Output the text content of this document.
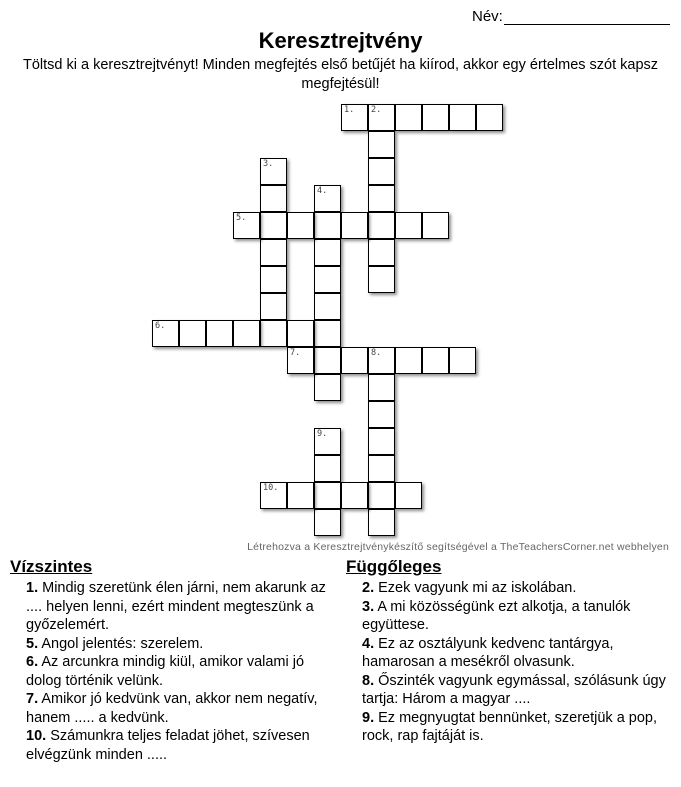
Név:
Keresztrejtvény
Töltsd ki a keresztrejtvényt! Minden megfejtés első betűjét ha kiírod, akkor egy értelmes szót kapsz megfejtésül!
1. 2.
3.
4.
5.
6.
7.	8.
9.
10.
Létrehozva a Keresztrejtvénykészítő segítségével a TheTeachersCorner.net webhelyen
Vízszintes
1. Mindig szeretünk élen járni, nem akarunk az .... helyen lenni, ezért mindent megteszünk a győzelemért.
5. Angol jelentés: szerelem.
6. Az arcunkra mindig kiül, amikor valami jó dolog történik velünk.
7. Amikor jó kedvünk van, akkor nem negatív, hanem ..... a kedvünk.
10. Számunkra teljes feladat jöhet, szívesen elvégzünk minden .....
Függőleges
2. Ezek vagyunk mi az iskolában.
3. A mi közösségünk ezt alkotja, a tanulók együttese.
4. Ez az osztályunk kedvenc tantárgya, hamarosan a mesékről olvasunk.
8. Őszinték vagyunk egymással, szólásunk úgy tartja: Három a magyar ....
9. Ez megnyugtat bennünket, szeretjük a pop, rock, rap fajtáját is.
